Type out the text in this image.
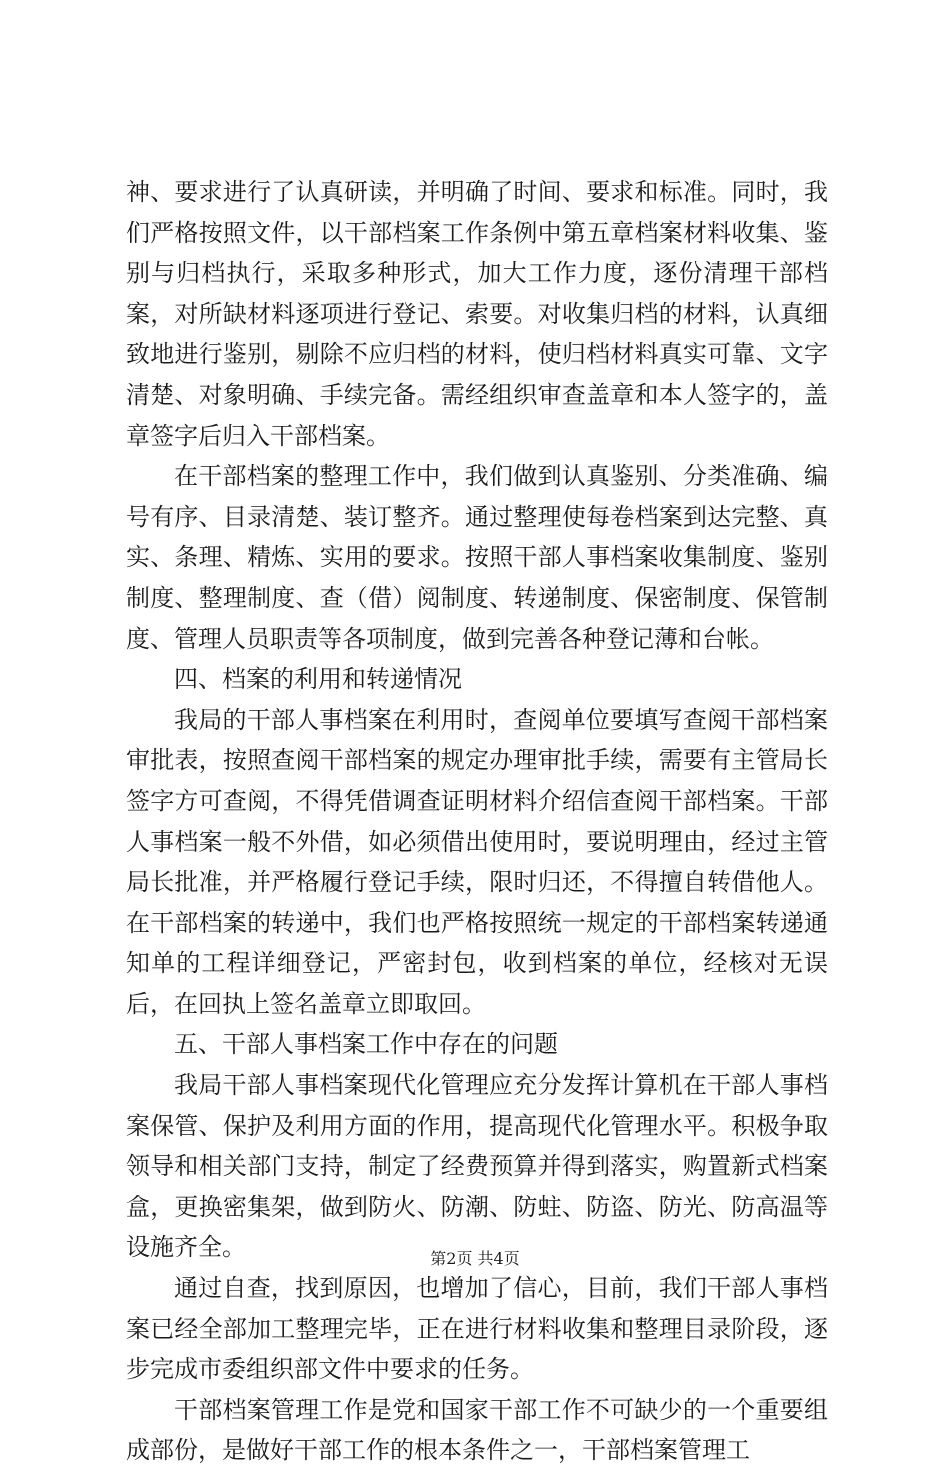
神、要求进行了认真研读，并明确了时间、要求和标准。同时，我们严格按照文件，以干部档案工作条例中第五章档案材料收集、鉴别与归档执行，采取多种形式，加大工作力度，逐份清理干部档案，对所缺材料逐项进行登记、索要。对收集归档的材料，认真细致地进行鉴别，剔除不应归档的材料，使归档材料真实可靠、文字清楚、对象明确、手续完备。需经组织审查盖章和本人签字的，盖章签字后归入干部档案。

在干部档案的整理工作中，我们做到认真鉴别、分类准确、编号有序、目录清楚、装订整齐。通过整理使每卷档案到达完整、真实、条理、精炼、实用的要求。按照干部人事档案收集制度、鉴别制度、整理制度、查（借）阅制度、转递制度、保密制度、保管制度、管理人员职责等各项制度，做到完善各种登记薄和台帐。

四、档案的利用和转递情况

我局的干部人事档案在利用时，查阅单位要填写查阅干部档案审批表，按照查阅干部档案的规定办理审批手续，需要有主管局长签字方可查阅，不得凭借调查证明材料介绍信查阅干部档案。干部人事档案一般不外借，如必须借出使用时，要说明理由，经过主管局长批准，并严格履行登记手续，限时归还，不得擅自转借他人。在干部档案的转递中，我们也严格按照统一规定的干部档案转递通知单的工程详细登记，严密封包，收到档案的单位，经核对无误后，在回执上签名盖章立即取回。

五、干部人事档案工作中存在的问题

我局干部人事档案现代化管理应充分发挥计算机在干部人事档案保管、保护及利用方面的作用，提高现代化管理水平。积极争取领导和相关部门支持，制定了经费预算并得到落实，购置新式档案盒，更换密集架，做到防火、防潮、防蛀、防盗、防光、防高温等设施齐全。

通过自查，找到原因，也增加了信心，目前，我们干部人事档案已经全部加工整理完毕，正在进行材料收集和整理目录阶段，逐步完成市委组织部文件中要求的任务。

干部档案管理工作是党和国家干部工作不可缺少的一个重要组成部份，是做好干部工作的根本条件之一，干部档案管理工

第2页 共4页
